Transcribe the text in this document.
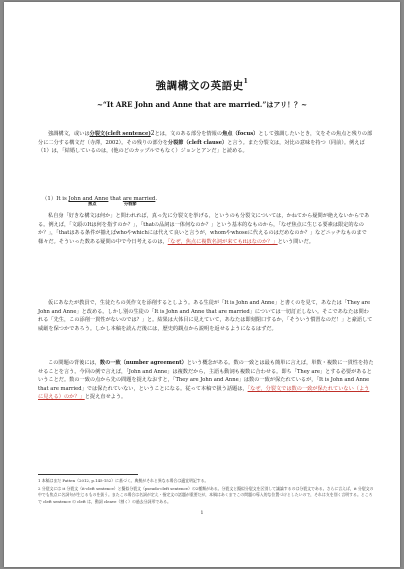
強調構文の英語史$^1$
~“It ARE John and Anne that are married.”はアリ！？~

強調構文，或いは分裂文(cleft sentence)2とは，文のある部分を情報の焦点（focus）として強調したいとき，文をその焦点と残りの部分に二分する構文だ（寺澤，2002）。その残りの部分を分裂節（cleft clause）と言う。また分裂文は，対比の意味を持つ（同前）。例えば（1）は，「結婚しているのは，(他のどのカップルでもなく）ジョンとアンだ」と読める。

（1）It is John and Anne that are married.
焦点	分裂節

私自身「好きな構文は何か」と問われれば，真っ先に分裂文を挙げる，というのも分裂文については，かねてから疑問が絶えないからである。例えば，「文頭のItは何を指すのか？」，「thatの品詞は一体何なのか？」という基本的なものから，「なぜ焦点に生じる要素は限定的なのか？」，「thatはある条件が揃えばwhoやwhichには代えて良いと言うが，whomやwhoseに代えるのはだめなのか？」などニッチなものまで様々だ。そういった数ある疑問の中で今日考えるのは，「なぜ，焦点に複数名詞が来てもitはなのか？」という問いだ。

仮にあなたが教員で，生徒たちの英作文を添削するとしよう。ある生徒が「It is John and Anne」と書くのを見て，あなたは「They are John and Anne」と改める。しかし別の生徒の「It is John and Anne that are married」については一切訂正しない。そこであなたは問われる「先生，この添削一貫性がないのでは？」と。結果は大体目に見えていて，あなたは即刻閉口するか，「そういう慣習なのだ！」と豪語して威厳を保つかであろう。しかし本稿を読んだ後には，歴史的観点から説明を返せるようになるはずだ。

この問題の背後には，数の一致（number agreement）という概念がある。数の一致とは最も簡単に言えば，単数・複数に一貫性を持たせることを言う。今回の例で言えば，「John and Anne」は複数だから，主語も動詞も複数に合わせる。即ち「They are」とする必要があるということだ。数の一致の点から先の問題を捉えなおすと，「They are John and Anne」は数の一致が保たれているが，「It is John and Anne that are married」では保たれていない，ということになる。従って本稿で扱う話題は，「なぜ，分裂文では数の一致が保たれていない（ように見える）のか？」と捉え直せよう。

1 本稿はまだ Patten（2012, p.145-152）に基づく。典拠がそれと異なる場合は適宜明記する。
2 分裂文には it 分裂文（it-cleft sentence）と擬似分裂文（pseudo-cleft sentence）の2種類がある。分裂文と擬似分裂文を区別して議論するのは分裂文である。さらに言えば，it 分裂文の中でも焦点に名詞句が生じるものを扱う。またこの場合は名詞が定え・指定文の話題が重要だが，本稿はあくまでこの問題の導入的な位置づけとしたいので，それは支を別く言明する。ところで cleft sentence の cleft は，動詞 cleave（割く）の過去分詞形である。
1
